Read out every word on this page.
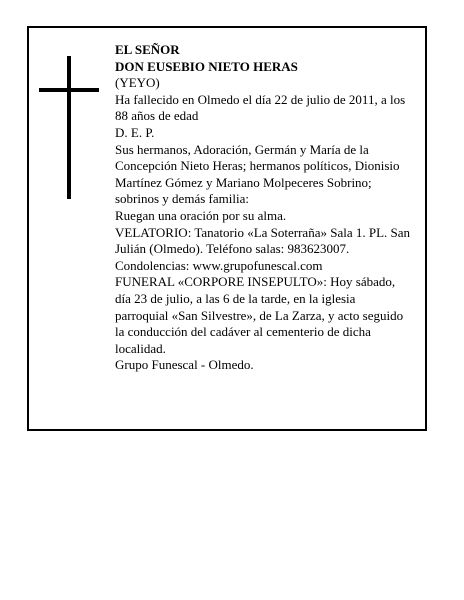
EL SEÑOR
DON EUSEBIO NIETO HERAS
(YEYO)
Ha fallecido en Olmedo el día 22 de julio de 2011, a los
88 años de edad
D. E. P.
Sus hermanos, Adoración, Germán y María de la
Concepción Nieto Heras; hermanos políticos, Dionisio
Martínez Gómez y Mariano Molpeceres Sobrino;
sobrinos y demás familia:
Ruegan una oración por su alma.
VELATORIO: Tanatorio «La Soterraña» Sala 1. PL. San
Julián (Olmedo). Teléfono salas: 983623007.
Condolencias: www.grupofunescal.com
FUNERAL «CORPORE INSEPULTO»: Hoy sábado,
día 23 de julio, a las 6 de la tarde, en la iglesia
parroquial «San Silvestre», de La Zarza, y acto seguido
la conducción del cadáver al cementerio de dicha
localidad.
Grupo Funescal - Olmedo.
